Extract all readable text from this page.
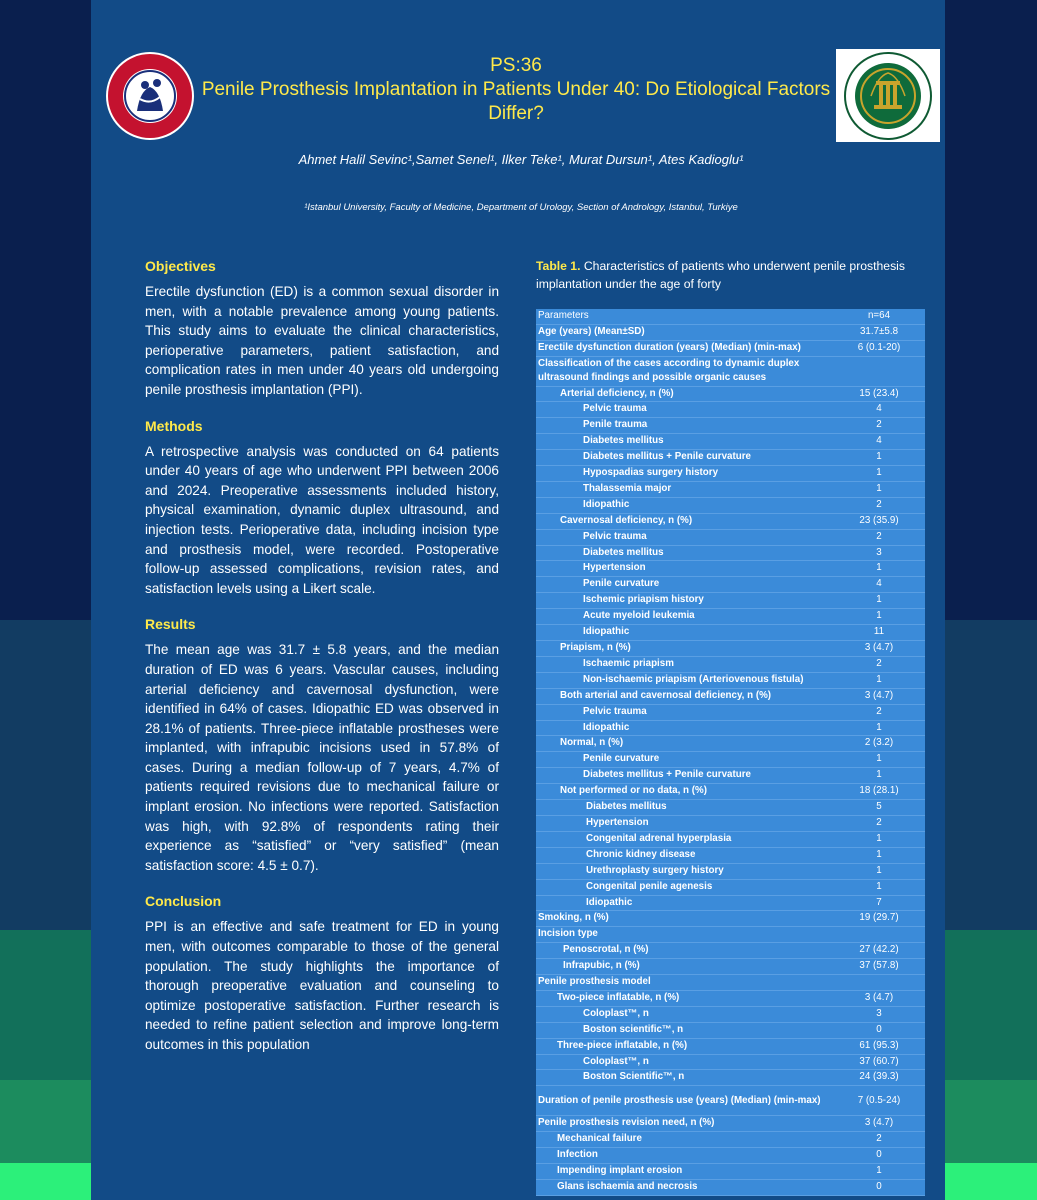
PS:36
Penile Prosthesis Implantation in Patients Under 40: Do Etiological Factors Differ?
Ahmet Halil Sevinc¹,Samet Senel¹, Ilker Teke¹, Murat Dursun¹, Ates Kadioglu¹
¹Istanbul University, Faculty of Medicine, Department of Urology, Section of Andrology, Istanbul, Turkiye
Objectives
Erectile dysfunction (ED) is a common sexual disorder in men, with a notable prevalence among young patients. This study aims to evaluate the clinical characteristics, perioperative parameters, patient satisfaction, and complication rates in men under 40 years old undergoing penile prosthesis implantation (PPI).
Methods
A retrospective analysis was conducted on 64 patients under 40 years of age who underwent PPI between 2006 and 2024. Preoperative assessments included history, physical examination, dynamic duplex ultrasound, and injection tests. Perioperative data, including incision type and prosthesis model, were recorded. Postoperative follow-up assessed complications, revision rates, and satisfaction levels using a Likert scale.
Results
The mean age was 31.7 ± 5.8 years, and the median duration of ED was 6 years. Vascular causes, including arterial deficiency and cavernosal dysfunction, were identified in 64% of cases. Idiopathic ED was observed in 28.1% of patients. Three-piece inflatable prostheses were implanted, with infrapubic incisions used in 57.8% of cases. During a median follow-up of 7 years, 4.7% of patients required revisions due to mechanical failure or implant erosion. No infections were reported. Satisfaction was high, with 92.8% of respondents rating their experience as “satisfied” or “very satisfied” (mean satisfaction score: 4.5 ± 0.7).
Conclusion
PPI is an effective and safe treatment for ED in young men, with outcomes comparable to those of the general population. The study highlights the importance of thorough preoperative evaluation and counseling to optimize postoperative satisfaction. Further research is needed to refine patient selection and improve long-term outcomes in this population
Table 1. Characteristics of patients who underwent penile prosthesis implantation under the age of forty
Parameters	n=64
Age (years) (Mean±SD)	31.7±5.8
Erectile dysfunction duration (years) (Median) (min-max)	6 (0.1-20)
Classification of the cases according to dynamic duplex ultrasound findings and possible organic causes	
Arterial deficiency, n (%)	15 (23.4)
Pelvic trauma	4
Penile trauma	2
Diabetes mellitus	4
Diabetes mellitus + Penile curvature	1
Hypospadias surgery history	1
Thalassemia major	1
Idiopathic	2
Cavernosal deficiency, n (%)	23 (35.9)
Pelvic trauma	2
Diabetes mellitus	3
Hypertension	1
Penile curvature	4
Ischemic priapism history	1
Acute myeloid leukemia	1
Idiopathic	11
Priapism, n (%)	3 (4.7)
Ischaemic priapism	2
Non-ischaemic priapism (Arteriovenous fistula)	1
Both arterial and cavernosal deficiency, n (%)	3 (4.7)
Pelvic trauma	2
Idiopathic	1
Normal, n (%)	2 (3.2)
Penile curvature	1
Diabetes mellitus + Penile curvature	1
Not performed or no data, n (%)	18 (28.1)
Diabetes mellitus	5
Hypertension	2
Congenital adrenal hyperplasia	1
Chronic kidney disease	1
Urethroplasty surgery history	1
Congenital penile agenesis	1
Idiopathic	7
Smoking, n (%)	19 (29.7)
Incision type	
Penoscrotal, n (%)	27 (42.2)
Infrapubic, n (%)	37 (57.8)
Penile prosthesis model	
Two-piece inflatable, n (%)	3 (4.7)
Coloplast™, n	3
Boston scientific™, n	0
Three-piece inflatable, n (%)	61 (95.3)
Coloplast™, n	37 (60.7)
Boston Scientific™, n	24 (39.3)
Duration of penile prosthesis use (years) (Median) (min-max)	7 (0.5-24)
Penile prosthesis revision need, n (%)	3 (4.7)
Mechanical failure	2
Infection	0
Impending implant erosion	1
Glans ischaemia and necrosis	0
